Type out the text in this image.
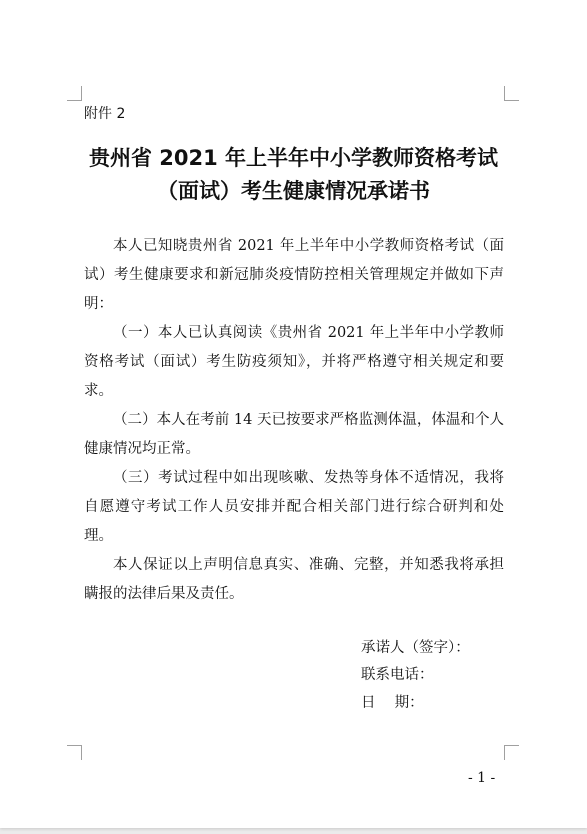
附件 2
贵州省 2021 年上半年中小学教师资格考试
（面试）考生健康情况承诺书

本人已知晓贵州省 2021 年上半年中小学教师资格考试（面试）考生健康要求和新冠肺炎疫情防控相关管理规定并做如下声明：

（一）本人已认真阅读《贵州省 2021 年上半年中小学教师资格考试（面试）考生防疫须知》，并将严格遵守相关规定和要求。

（二）本人在考前 14 天已按要求严格监测体温，体温和个人健康情况均正常。

（三）考试过程中如出现咳嗽、发热等身体不适情况，我将自愿遵守考试工作人员安排并配合相关部门进行综合研判和处理。

本人保证以上声明信息真实、准确、完整，并知悉我将承担瞒报的法律后果及责任。

承诺人（签字）：
联系电话：
日　 期：
- 1 -
